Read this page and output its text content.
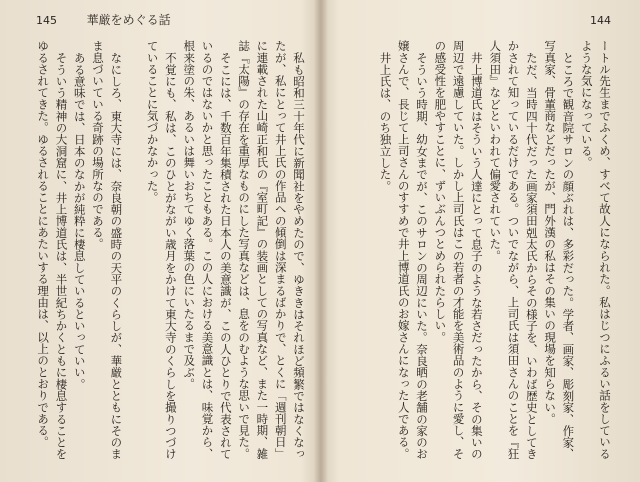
145 華厳をめぐる話

私も昭和三十年代に新聞社をやめたので、ゆききはそれほど頻繁ではなくなったが、私にとって井上氏の作品への傾倒は深まるばかりで、とくに「週刊朝日」に連載された山崎正和氏の『室町記』の装画としての写真など、また一時期、雑誌『太陽』の存在を重厚なものにした写真などは、息をのむような思いで見た。

そこには、千数百年集積された日本人の美意識が、この人ひとりで代表されているのではないかと思ったこともある。この人における美意識とは、味覚から、根来塗の朱、あるいは舞いおちてゆく落葉の色にいたるまで及ぶ。

不覚にも、私は、このひとがながい歳月をかけて東大寺のくらしを撮りつづけていることに気づかなかった。

なにしろ、東大寺には、奈良朝の盛時の天平のくらしが、華厳とともにそのまま息づいている奇跡の場所なのである。

ある意味では、日本のなかが純粋に棲息しているといっていい。

そういう精神の大洞窟に、井上博道氏は、半世紀ちかくともに棲息することをゆるされてきた。ゆるされることにあたいする理由は、以上のとおりである。

144

ートル先生までふくめ、すべて故人になられた。私はじつにふるい話をしているような気になっている。

ところで観音院サロンの顔ぶれは、多彩だった。学者、画家、彫刻家、作家、写真家、骨董商などだったが、門外漢の私はその集いの現場を知らない。

ただ、当時四十代だった画家須田剋太氏からその様子を、いわば歴史としてきかされて知っているだけである。ついでながら、上司氏は須田さんのことを『狂人須田』などといわれて偏愛されていた。

井上博道氏はそういう人達にとって息子のような若さだったから、その集いの周辺で遠慮していた。しかし上司氏はこの若者の才能を美術品のように愛し、その感受性を肥やすことに、ずいぶんつとめられたらしい。

そういう時期、幼女までが、このサロンの周辺にいた。奈良晒の老舗の家のお嬢さんで、長じて上司さんのすすめで井上博道氏のお嫁さんになった人である。

井上氏は、のち独立した。
